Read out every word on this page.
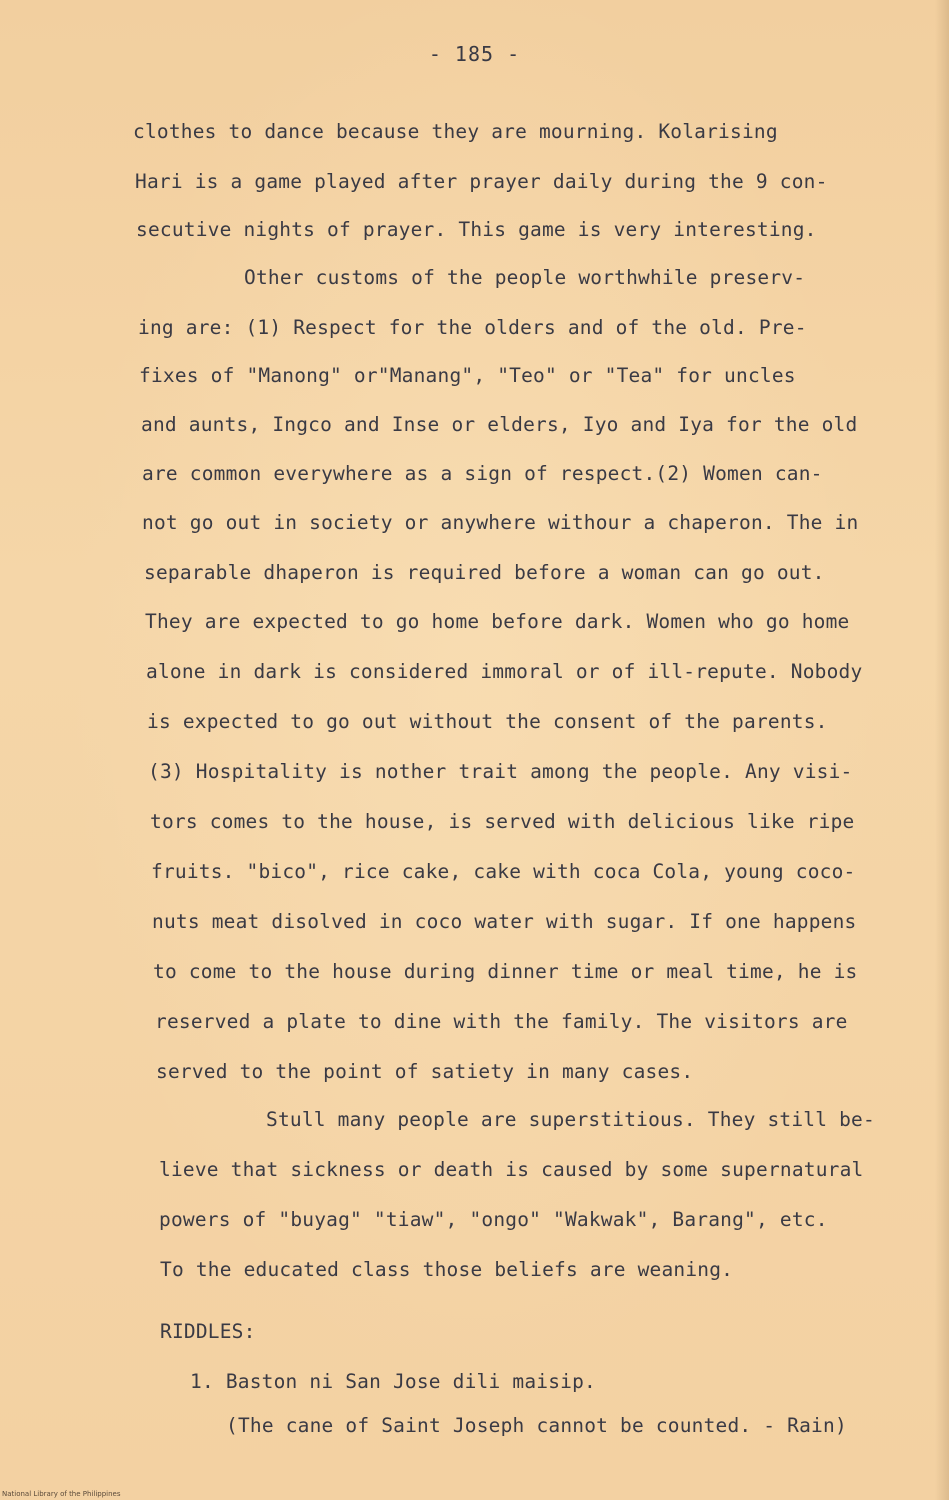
- 185 -
clothes to dance because they are mourning. Kolarising
Hari is a game played after prayer daily during the 9 con-
secutive nights of prayer. This game is very interesting.
Other customs of the people worthwhile preserv-
ing are: (1) Respect for the olders and of the old. Pre-
fixes of "Manong" or"Manang", "Teo" or "Tea" for uncles
and aunts, Ingco and Inse or elders, Iyo and Iya for the old
are common everywhere as a sign of respect.(2) Women can-
not go out in society or anywhere withour a chaperon. The in
separable dhaperon is required before a woman can go out.
They are expected to go home before dark. Women who go home
alone in dark is considered immoral or of ill-repute. Nobody
is expected to go out without the consent of the parents.
(3) Hospitality is nother trait among the people. Any visi-
tors comes to the house, is served with delicious like ripe
fruits. "bico", rice cake, cake with coca Cola, young coco-
nuts meat disolved in coco water with sugar. If one happens
to come to the house during dinner time or meal time, he is
reserved a plate to dine with the family. The visitors are
served to the point of satiety in many cases.
Stull many people are superstitious. They still be-
lieve that sickness or death is caused by some supernatural
powers of "buyag" "tiaw", "ongo" "Wakwak", Barang", etc.
To the educated class those beliefs are weaning.
RIDDLES:
1. Baston ni San Jose dili maisip.
(The cane of Saint Joseph cannot be counted. - Rain)
National Library of the Philippines
